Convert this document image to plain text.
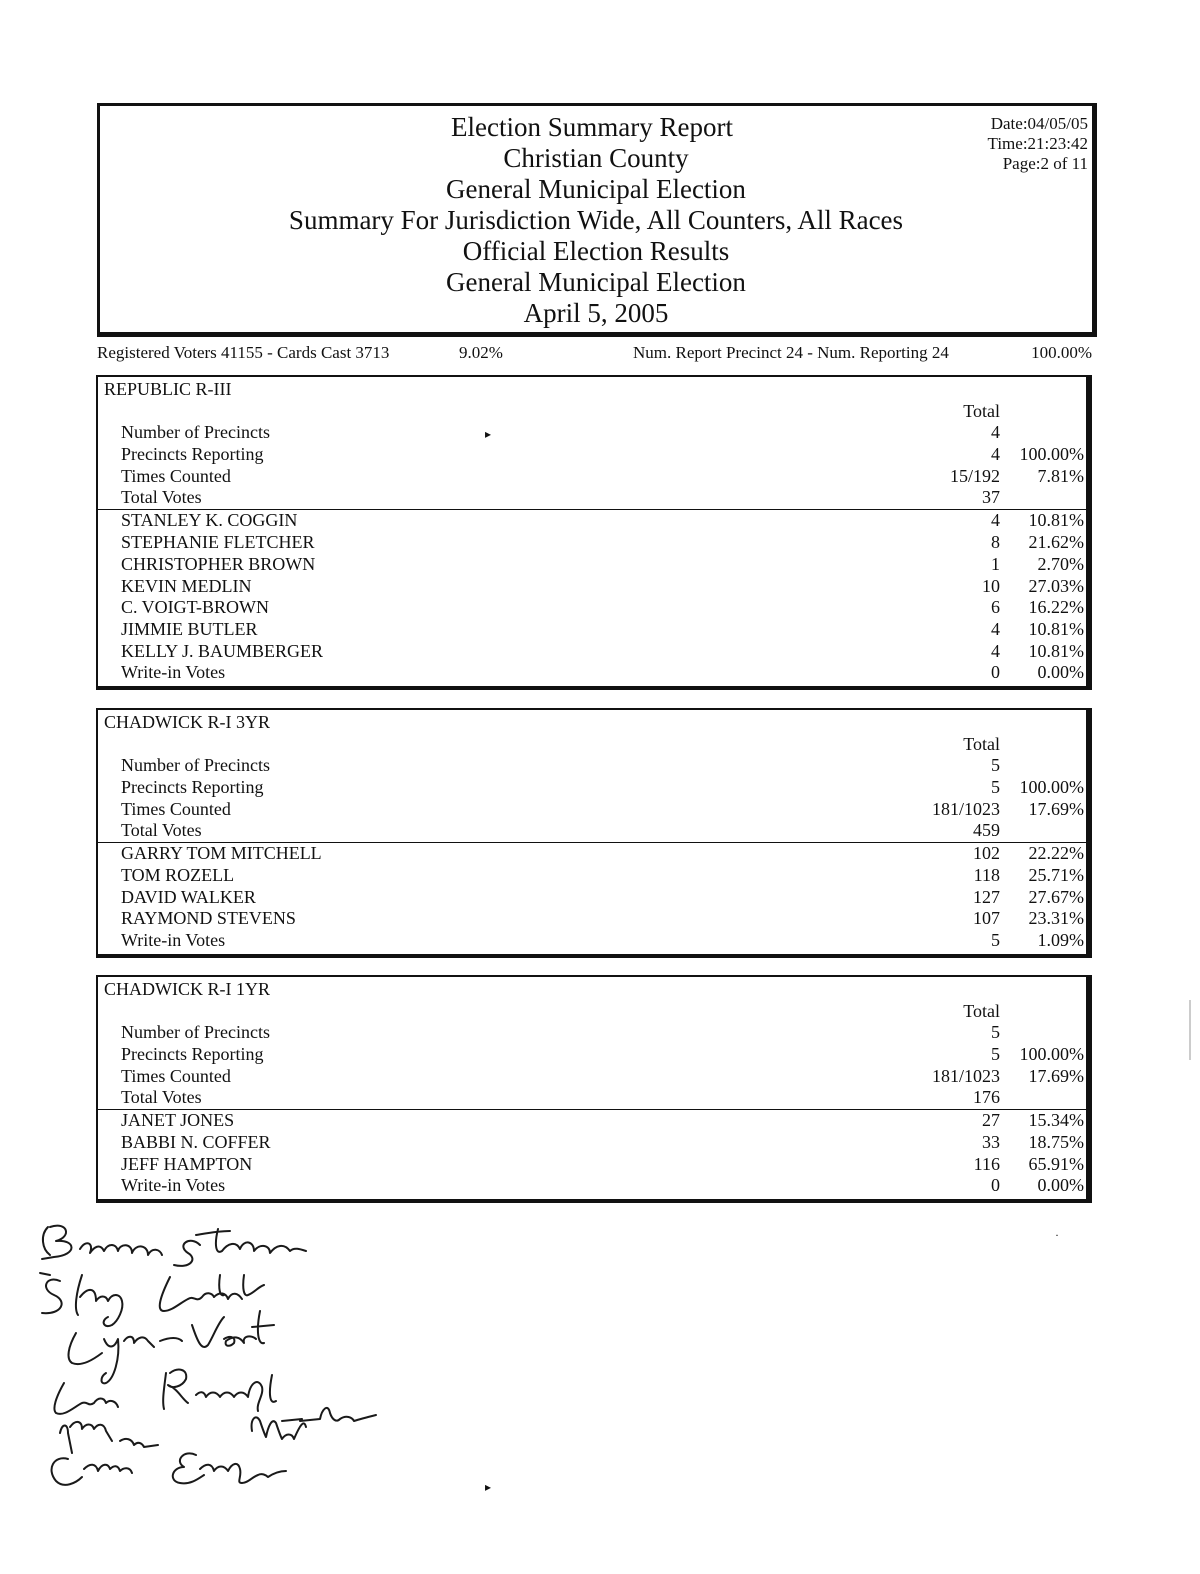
Election Summary Report
Christian County
General Municipal Election
Summary For Jurisdiction Wide, All Counters, All Races
Official Election Results
General Municipal Election
April 5, 2005
Date:04/05/05
Time:21:23:42
Page:2 of 11
Registered Voters 41155 - Cards Cast 3713	9.02%	Num. Report Precinct 24 - Num. Reporting 24	100.00%
REPUBLIC R-III
Total
Number of Precincts	4
Precincts Reporting	4 100.00%
Times Counted	15/192 7.81%
Total Votes	37
STANLEY K. COGGIN	4 10.81%
STEPHANIE FLETCHER	8 21.62%
CHRISTOPHER BROWN	1 2.70%
KEVIN MEDLIN	10 27.03%
C. VOIGT-BROWN	6 16.22%
JIMMIE BUTLER	4 10.81%
KELLY J. BAUMBERGER	4 10.81%
Write-in Votes	0 0.00%
▸
CHADWICK R-I 3YR
Total
Number of Precincts	5
Precincts Reporting	5 100.00%
Times Counted	181/1023 17.69%
Total Votes	459
GARRY TOM MITCHELL	102 22.22%
TOM ROZELL	118 25.71%
DAVID WALKER	127 27.67%
RAYMOND STEVENS	107 23.31%
Write-in Votes	5 1.09%
CHADWICK R-I 1YR
Total
Number of Precincts	5
Precincts Reporting	5 100.00%
Times Counted	181/1023 17.69%
Total Votes	176
JANET JONES	27 15.34%
BABBI N. COFFER	33 18.75%
JEFF HAMPTON	116 65.91%
Write-in Votes	0 0.00%
▸
·
